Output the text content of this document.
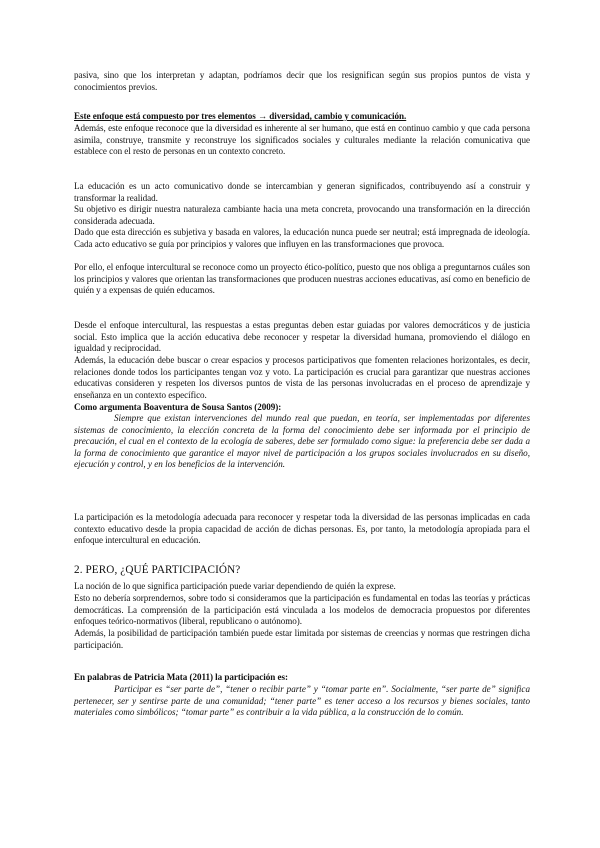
pasiva, sino que los interpretan y adaptan, podríamos decir que los resignifican según sus propios puntos de vista y conocimientos previos.

Este enfoque está compuesto por tres elementos → diversidad, cambio y comunicación.

Además, este enfoque reconoce que la diversidad es inherente al ser humano, que está en continuo cambio y que cada persona asimila, construye, transmite y reconstruye los significados sociales y culturales mediante la relación comunicativa que establece con el resto de personas en un contexto concreto.

La educación es un acto comunicativo donde se intercambian y generan significados, contribuyendo así a construir y transformar la realidad.

Su objetivo es dirigir nuestra naturaleza cambiante hacia una meta concreta, provocando una transformación en la dirección considerada adecuada.

Dado que esta dirección es subjetiva y basada en valores, la educación nunca puede ser neutral; está impregnada de ideología. Cada acto educativo se guía por principios y valores que influyen en las transformaciones que provoca.

Por ello, el enfoque intercultural se reconoce como un proyecto ético-político, puesto que nos obliga a preguntarnos cuáles son los principios y valores que orientan las transformaciones que producen nuestras acciones educativas, así como en beneficio de quién y a expensas de quién educamos.

Desde el enfoque intercultural, las respuestas a estas preguntas deben estar guiadas por valores democráticos y de justicia social. Esto implica que la acción educativa debe reconocer y respetar la diversidad humana, promoviendo el diálogo en igualdad y reciprocidad.

Además, la educación debe buscar o crear espacios y procesos participativos que fomenten relaciones horizontales, es decir, relaciones donde todos los participantes tengan voz y voto. La participación es crucial para garantizar que nuestras acciones educativas consideren y respeten los diversos puntos de vista de las personas involucradas en el proceso de aprendizaje y enseñanza en un contexto específico.

Como argumenta Boaventura de Sousa Santos (2009):

Siempre que existan intervenciones del mundo real que puedan, en teoría, ser implementadas por diferentes sistemas de conocimiento, la elección concreta de la forma del conocimiento debe ser informada por el principio de precaución, el cual en el contexto de la ecología de saberes, debe ser formulado como sigue: la preferencia debe ser dada a la forma de conocimiento que garantice el mayor nivel de participación a los grupos sociales involucrados en su diseño, ejecución y control, y en los beneficios de la intervención.

La participación es la metodología adecuada para reconocer y respetar toda la diversidad de las personas implicadas en cada contexto educativo desde la propia capacidad de acción de dichas personas. Es, por tanto, la metodología apropiada para el enfoque intercultural en educación.

2. PERO, ¿QUÉ PARTICIPACIÓN?

La noción de lo que significa participación puede variar dependiendo de quién la exprese.

Esto no debería sorprendernos, sobre todo si consideramos que la participación es fundamental en todas las teorías y prácticas democráticas. La comprensión de la participación está vinculada a los modelos de democracia propuestos por diferentes enfoques teórico-normativos (liberal, republicano o autónomo).

Además, la posibilidad de participación también puede estar limitada por sistemas de creencias y normas que restringen dicha participación.

En palabras de Patricia Mata (2011) la participación es:

Participar es “ser parte de”, “tener o recibir parte” y “tomar parte en”. Socialmente, “ser parte de” significa pertenecer, ser y sentirse parte de una comunidad; “tener parte” es tener acceso a los recursos y bienes sociales, tanto materiales como simbólicos; “tomar parte” es contribuir a la vida pública, a la construcción de lo común.
